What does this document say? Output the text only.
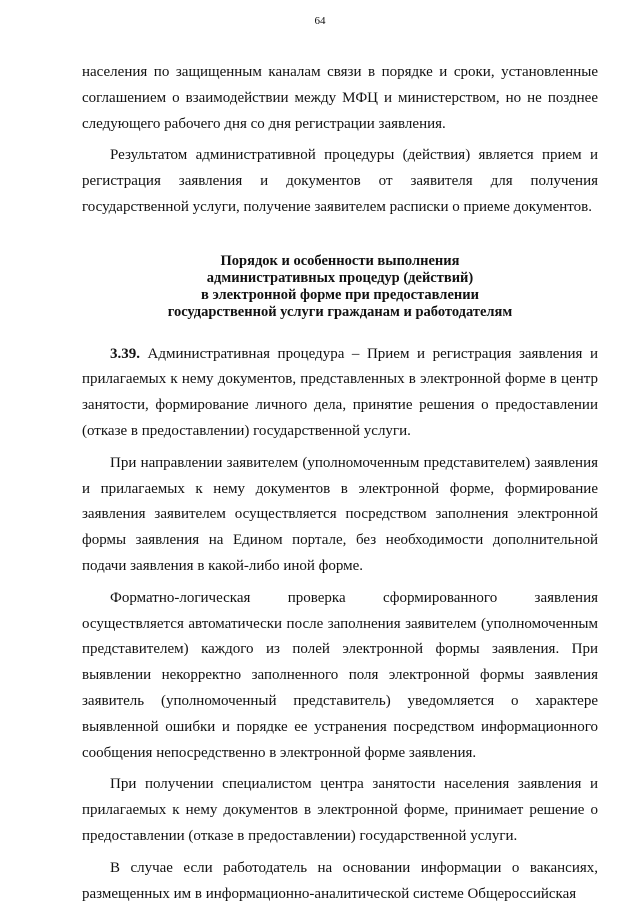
64

населения по защищенным каналам связи в порядке и сроки, установленные соглашением о взаимодействии между МФЦ и министерством, но не позднее следующего рабочего дня со дня регистрации заявления.

Результатом административной процедуры (действия) является прием и регистрация заявления и документов от заявителя для получения государственной услуги, получение заявителем расписки о приеме документов.

Порядок и особенности выполнения
административных процедур (действий)
в электронной форме при предоставлении
государственной услуги гражданам и работодателям

3.39. Административная процедура – Прием и регистрация заявления и прилагаемых к нему документов, представленных в электронной форме в центр занятости, формирование личного дела, принятие решения о предоставлении (отказе в предоставлении) государственной услуги.

При направлении заявителем (уполномоченным представителем) заявления и прилагаемых к нему документов в электронной форме, формирование заявления заявителем осуществляется посредством заполнения электронной формы заявления на Едином портале, без необходимости дополнительной подачи заявления в какой-либо иной форме.

Форматно-логическая проверка сформированного заявления осуществляется автоматически после заполнения заявителем (уполномоченным представителем) каждого из полей электронной формы заявления. При выявлении некорректно заполненного поля электронной формы заявления заявитель (уполномоченный представитель) уведомляется о характере выявленной ошибки и порядке ее устранения посредством информационного сообщения непосредственно в электронной форме заявления.

При получении специалистом центра занятости населения заявления и прилагаемых к нему документов в электронной форме, принимает решение о предоставлении (отказе в предоставлении) государственной услуги.

В случае если работодатель на основании информации о вакансиях, размещенных им в информационно-аналитической системе Общероссийская
